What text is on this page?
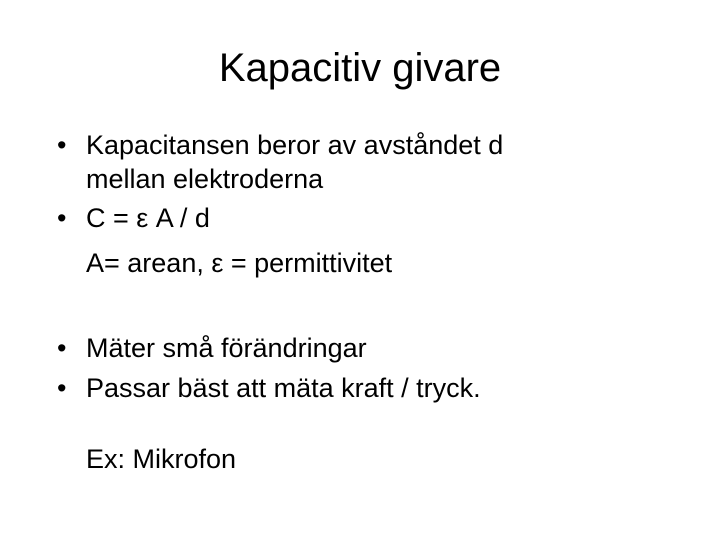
Kapacitiv givare
• Kapacitansen beror av avståndet d
mellan elektroderna
• C = ε A / d
A= arean, ε = permittivitet
• Mäter små förändringar
• Passar bäst att mäta kraft / tryck.
Ex: Mikrofon
